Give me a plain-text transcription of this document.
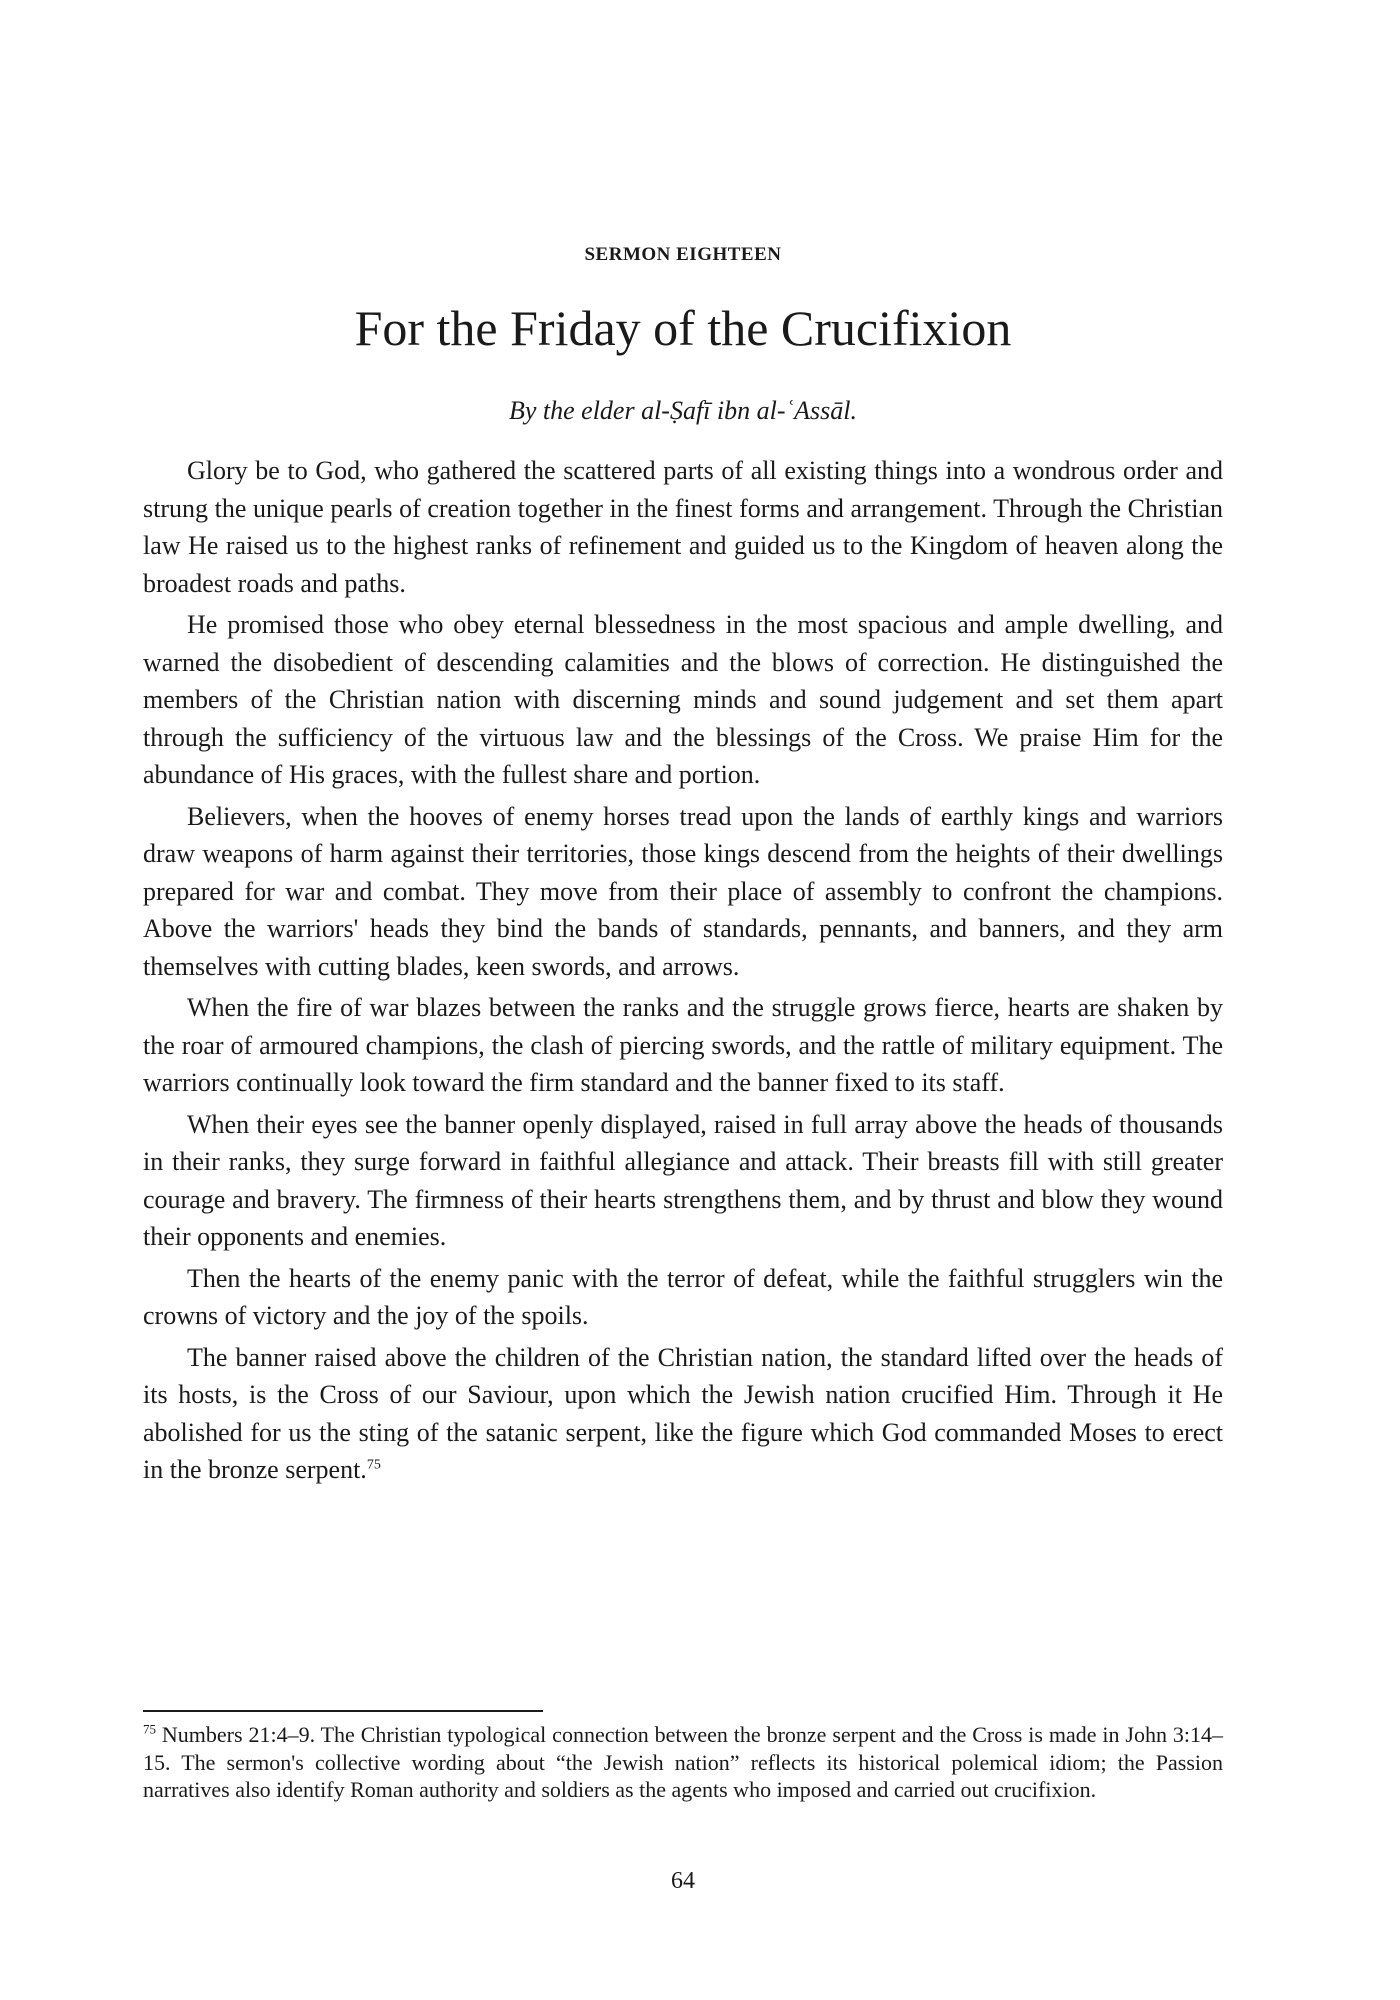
SERMON EIGHTEEN

For the Friday of the Crucifixion

By the elder al-Ṣafī ibn al-ʿAssāl.

Glory be to God, who gathered the scattered parts of all existing things into a wondrous order and strung the unique pearls of creation together in the finest forms and arrangement. Through the Christian law He raised us to the highest ranks of refinement and guided us to the Kingdom of heaven along the broadest roads and paths.

He promised those who obey eternal blessedness in the most spacious and ample dwelling, and warned the disobedient of descending calamities and the blows of correction. He distinguished the members of the Christian nation with discerning minds and sound judgement and set them apart through the sufficiency of the virtuous law and the blessings of the Cross. We praise Him for the abundance of His graces, with the fullest share and portion.

Believers, when the hooves of enemy horses tread upon the lands of earthly kings and warriors draw weapons of harm against their territories, those kings descend from the heights of their dwellings prepared for war and combat. They move from their place of assembly to confront the champions. Above the warriors' heads they bind the bands of standards, pennants, and banners, and they arm themselves with cutting blades, keen swords, and arrows.

When the fire of war blazes between the ranks and the struggle grows fierce, hearts are shaken by the roar of armoured champions, the clash of piercing swords, and the rattle of military equipment. The warriors continually look toward the firm standard and the banner fixed to its staff.

When their eyes see the banner openly displayed, raised in full array above the heads of thousands in their ranks, they surge forward in faithful allegiance and attack. Their breasts fill with still greater courage and bravery. The firmness of their hearts strengthens them, and by thrust and blow they wound their opponents and enemies.

Then the hearts of the enemy panic with the terror of defeat, while the faithful strugglers win the crowns of victory and the joy of the spoils.

The banner raised above the children of the Christian nation, the standard lifted over the heads of its hosts, is the Cross of our Saviour, upon which the Jewish nation crucified Him. Through it He abolished for us the sting of the satanic serpent, like the figure which God commanded Moses to erect in the bronze serpent.$^{75}$

$^{75}$ Numbers 21:4–9. The Christian typological connection between the bronze serpent and the Cross is made in John 3:14–15. The sermon's collective wording about “the Jewish nation” reflects its historical polemical idiom; the Passion narratives also identify Roman authority and soldiers as the agents who imposed and carried out crucifixion.

64
